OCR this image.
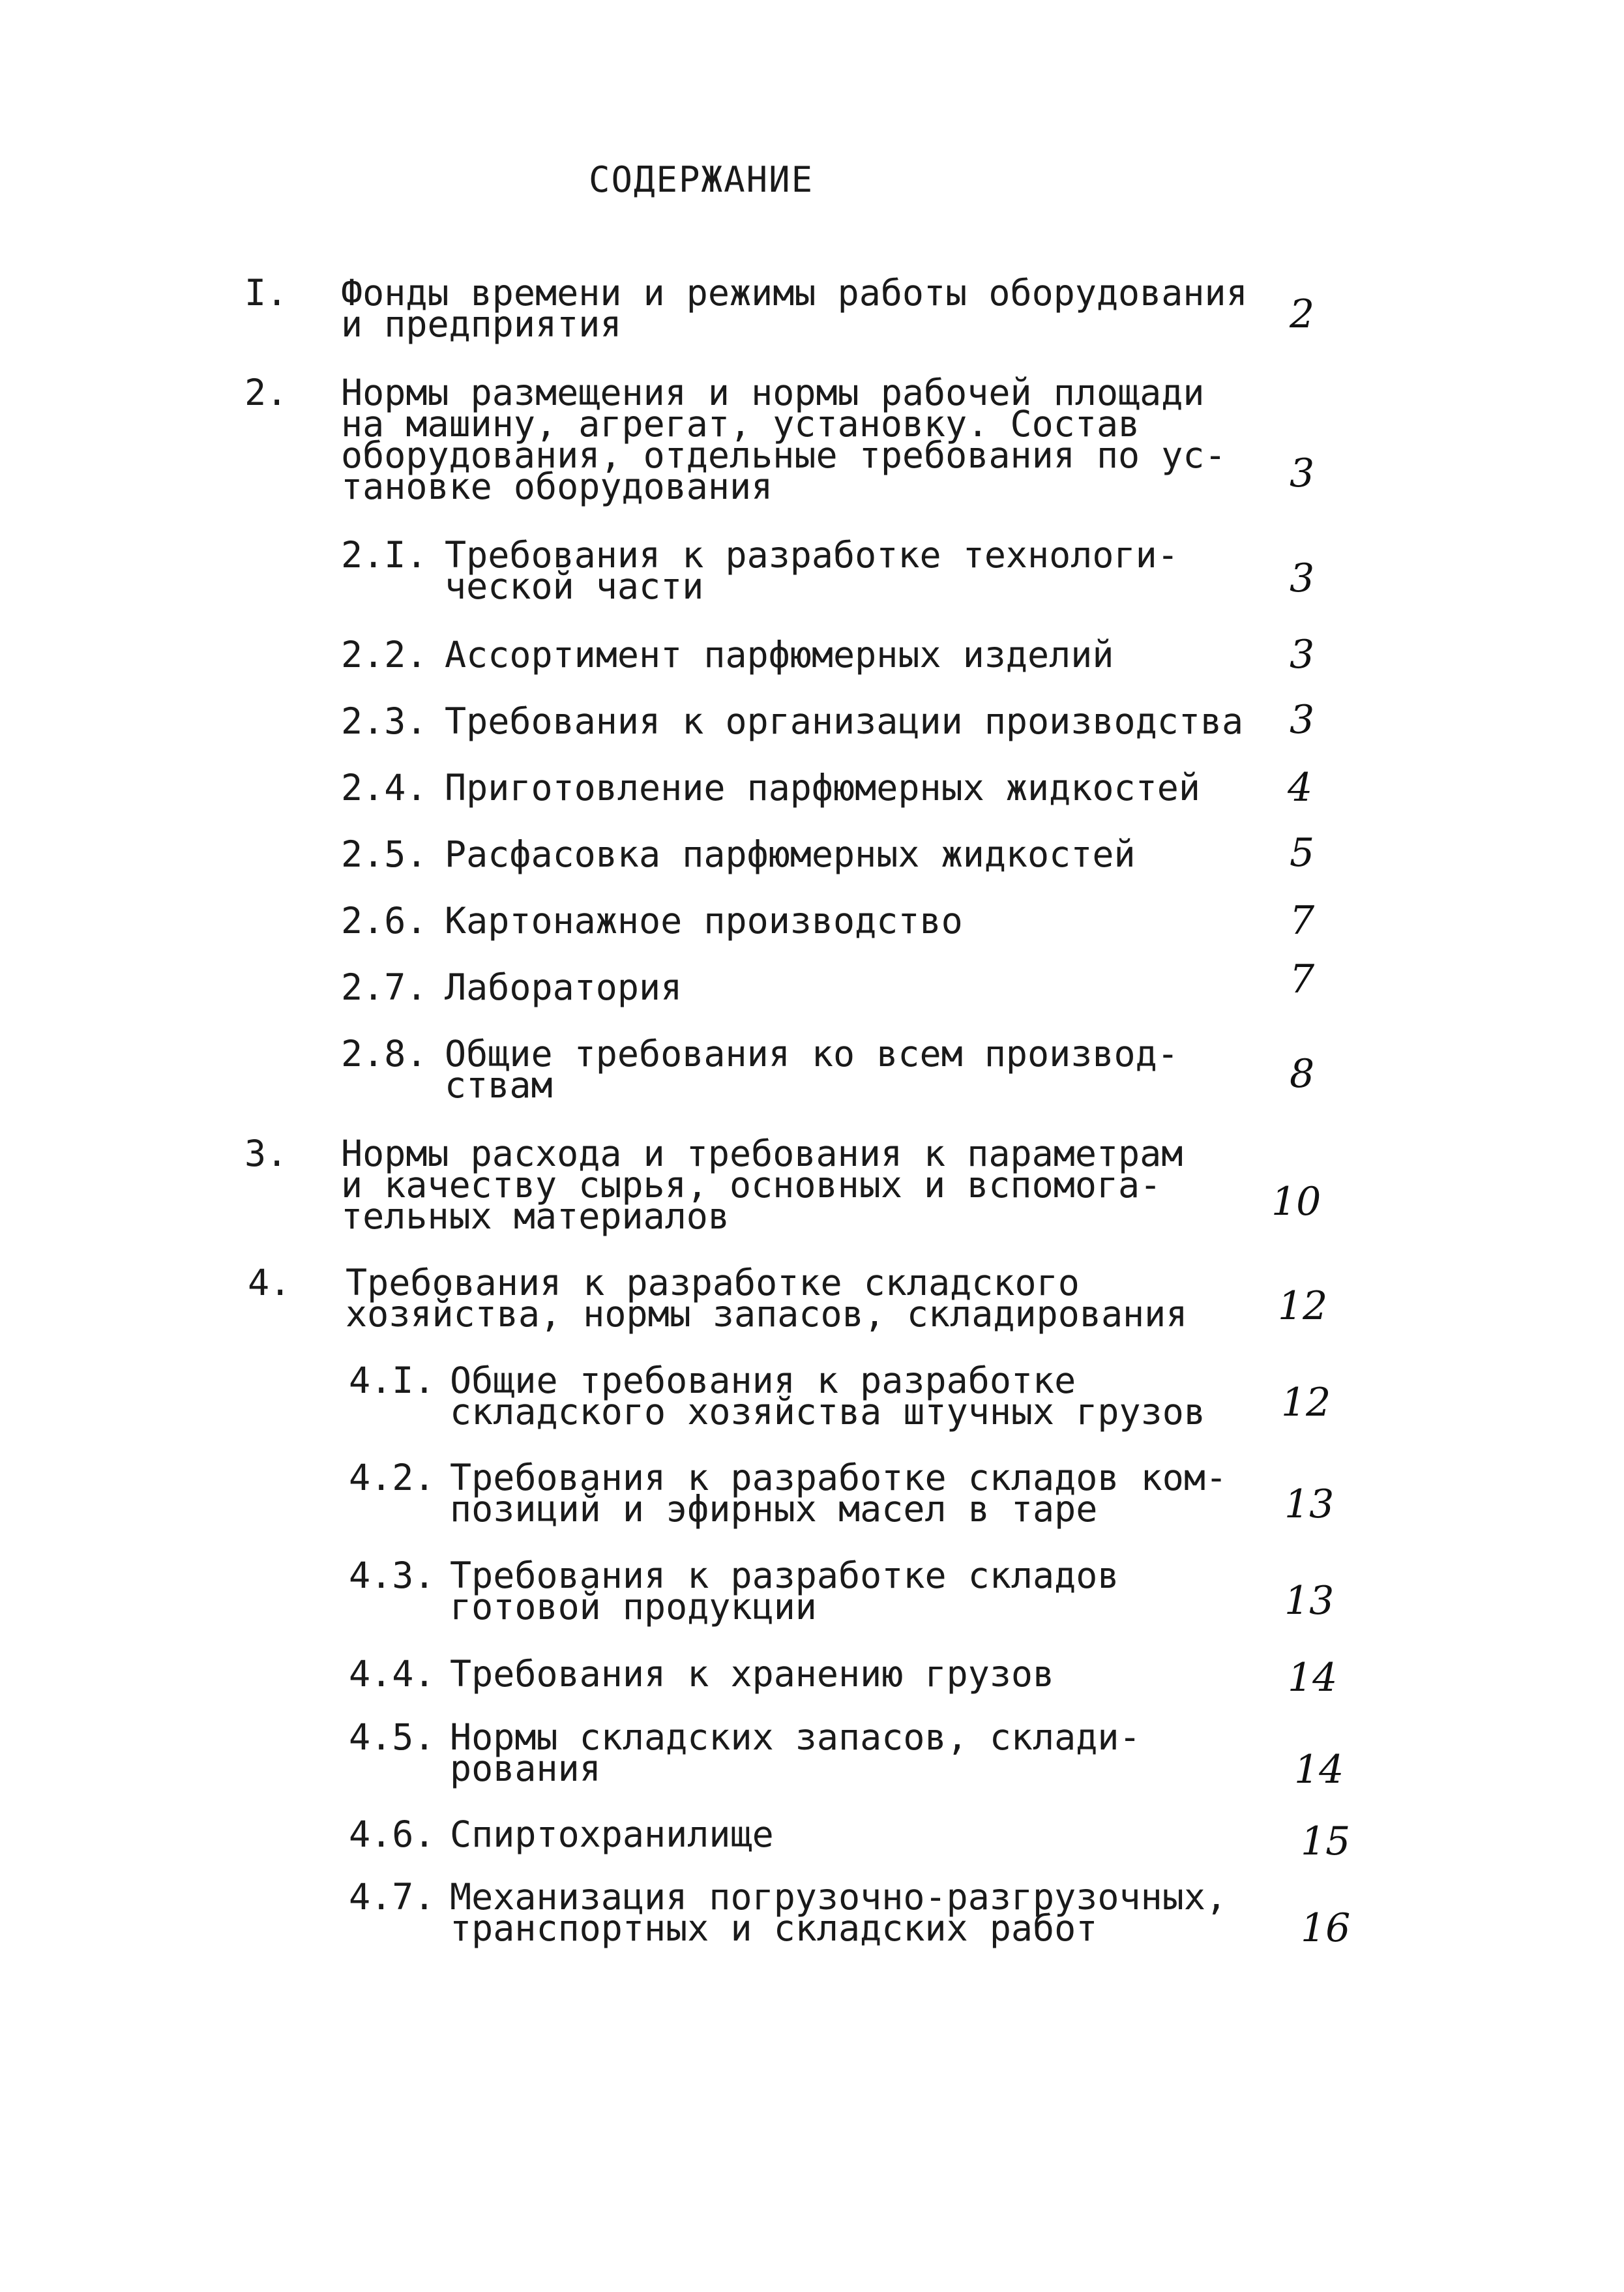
СОДЕРЖАНИЕ
I. Фонды времени и режимы работы оборудования
и предприятия	2
2. Нормы размещения и нормы рабочей площади
на машину, агрегат, установку. Состав
оборудования, отдельные требования по ус-
тановке оборудования	3
2.I. Требования к разработке технологи-
ческой части	3
2.2. Ассортимент парфюмерных изделий	3
2.3. Требования к организации производства 3
2.4. Приготовление парфюмерных жидкостей 4
2.5. Расфасовка парфюмерных жидкостей	5
2.6. Картонажное производство	7
2.7. Лаборатория	7
2.8. Общие требования ко всем производ-
ствам	8
3. Нормы расхода и требования к параметрам
и качеству сырья, основных и вспомога-
тельных материалов	10
4. Требования к разработке складского
хозяйства, нормы запасов, складирования 12
4.I. Общие требования к разработке
складского хозяйства штучных грузов 12
4.2. Требования к разработке складов ком-
позиций и эфирных масел в таре	13
4.3. Требования к разработке складов
готовой продукции	13
4.4. Требования к хранению грузов	14
4.5. Нормы складских запасов, склади-
рования	14
4.6. Спиртохранилище	15
4.7. Механизация погрузочно-разгрузочных,
транспортных и складских работ	16
